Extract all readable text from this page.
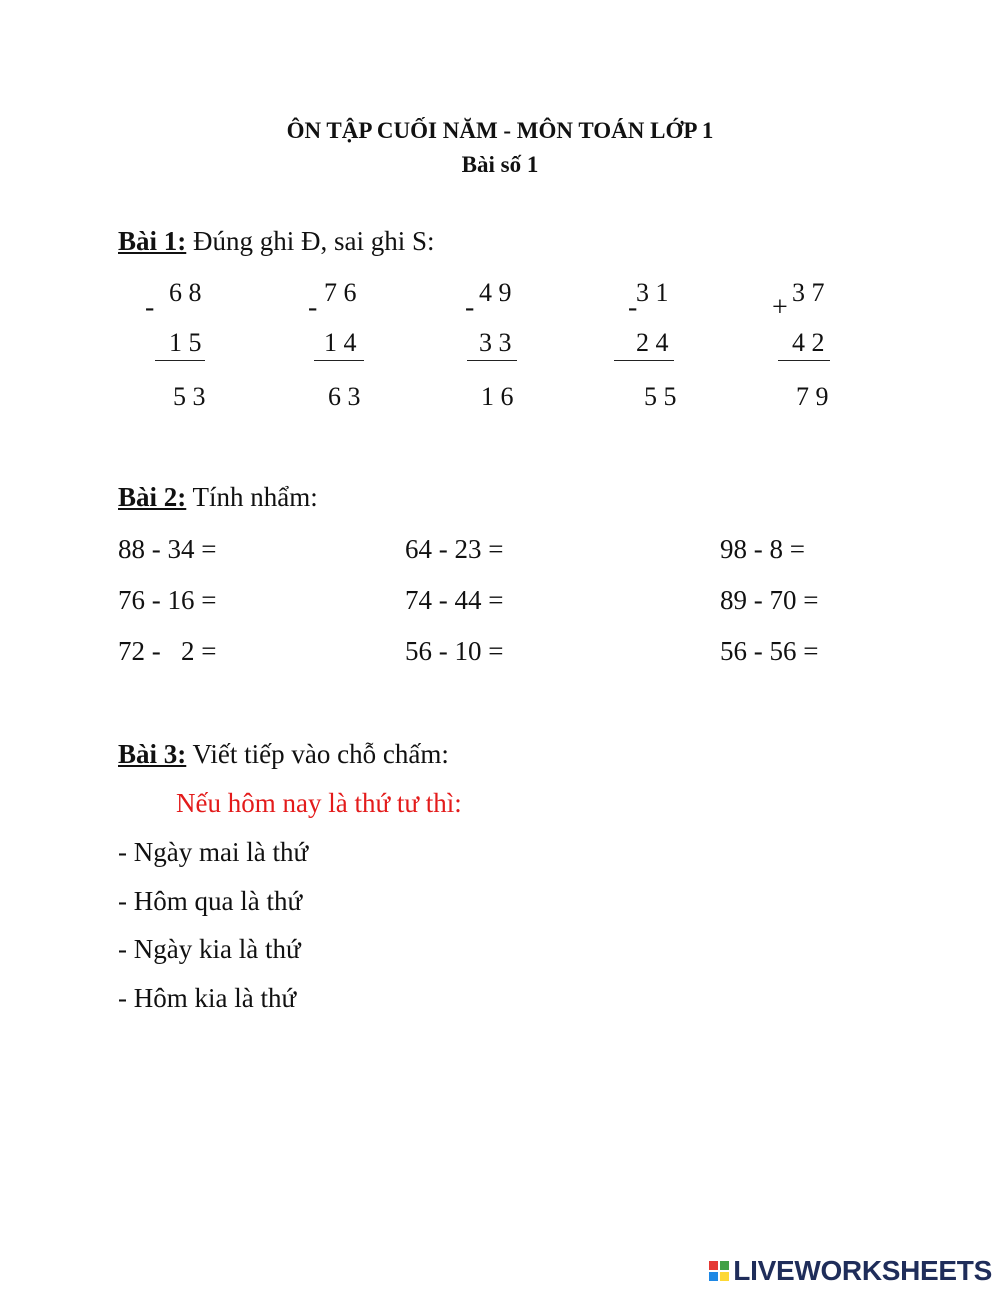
ÔN TẬP CUỐI NĂM - MÔN TOÁN LỚP 1
Bài số 1
Bài 1: Đúng ghi Đ, sai ghi S:
- 6 8
1 5
5 3
- 7 6
1 4
6 3
- 4 9
3 3
1 6
-
3 1
2 4
5 5
+ 3 7
4 2
7 9
Bài 2: Tính nhẩm:
88 - 34 =	64 - 23 =	98 - 8 =
76 - 16 =	74 - 44 =	89 - 70 =
72 -   2 =	56 - 10 =	56 - 56 =
Bài 3: Viết tiếp vào chỗ chấm:
Nếu hôm nay là thứ tư thì:
- Ngày mai là thứ
- Hôm qua là thứ
- Ngày kia là thứ
- Hôm kia là thứ
LIVEWORKSHEETS
